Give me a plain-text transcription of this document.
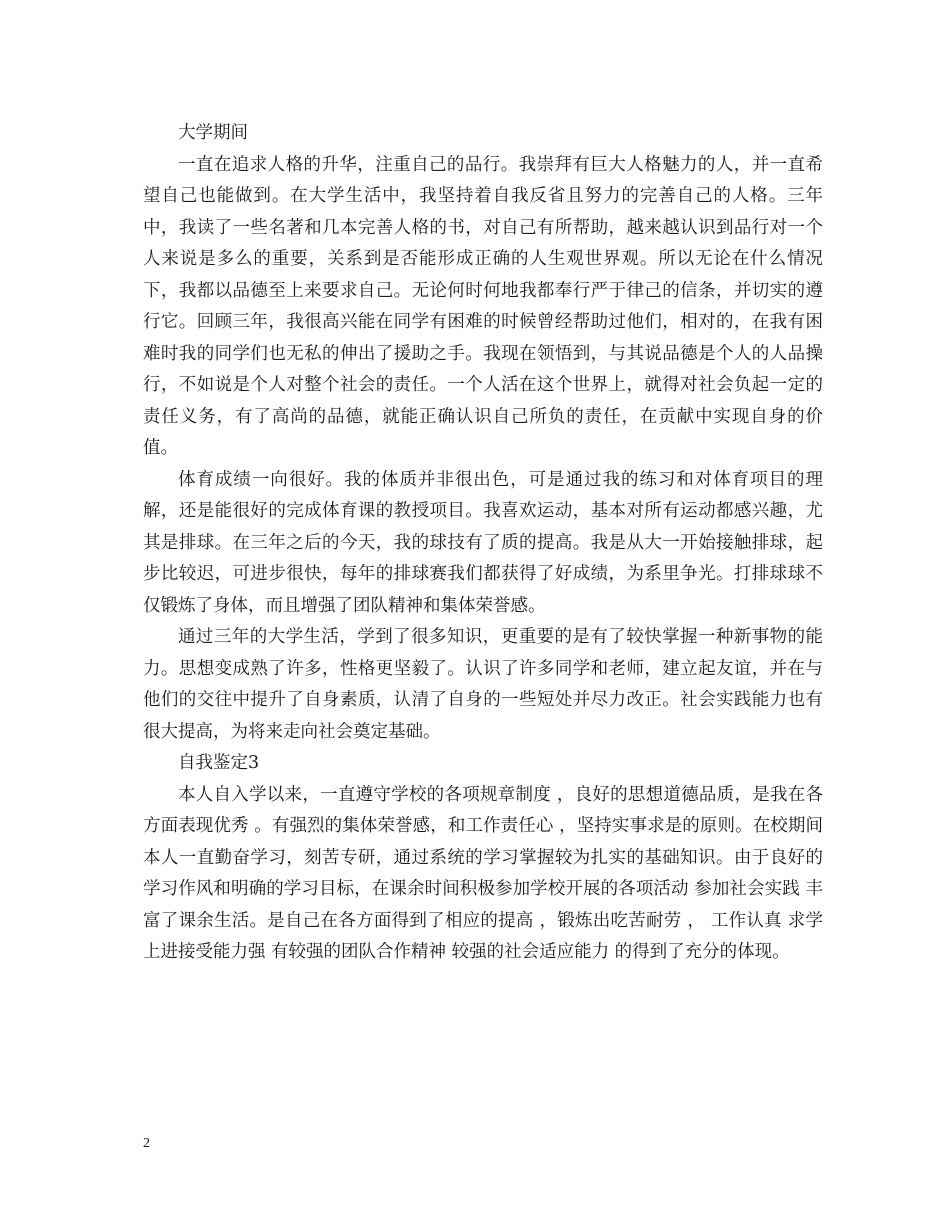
大学期间

一直在追求人格的升华，注重自己的品行。我崇拜有巨大人格魅力的人，并一直希望自己也能做到。在大学生活中，我坚持着自我反省且努力的完善自己的人格。三年中，我读了一些名著和几本完善人格的书，对自己有所帮助，越来越认识到品行对一个人来说是多么的重要，关系到是否能形成正确的人生观世界观。所以无论在什么情况下，我都以品德至上来要求自己。无论何时何地我都奉行严于律己的信条，并切实的遵行它。回顾三年，我很高兴能在同学有困难的时候曾经帮助过他们，相对的，在我有困难时我的同学们也无私的伸出了援助之手。我现在领悟到，与其说品德是个人的人品操行，不如说是个人对整个社会的责任。一个人活在这个世界上，就得对社会负起一定的责任义务，有了高尚的品德，就能正确认识自己所负的责任，在贡献中实现自身的价值。

体育成绩一向很好。我的体质并非很出色，可是通过我的练习和对体育项目的理解，还是能很好的完成体育课的教授项目。我喜欢运动，基本对所有运动都感兴趣，尤其是排球。在三年之后的今天，我的球技有了质的提高。我是从大一开始接触排球，起步比较迟，可进步很快，每年的排球赛我们都获得了好成绩，为系里争光。打排球球不仅锻炼了身体，而且增强了团队精神和集体荣誉感。

通过三年的大学生活，学到了很多知识，更重要的是有了较快掌握一种新事物的能力。思想变成熟了许多，性格更坚毅了。认识了许多同学和老师，建立起友谊，并在与他们的交往中提升了自身素质，认清了自身的一些短处并尽力改正。社会实践能力也有很大提高，为将来走向社会奠定基础。

自我鉴定3

本人自入学以来，一直遵守学校的各项规章制度 ，良好的思想道德品质，是我在各方面表现优秀 。有强烈的集体荣誉感，和工作责任心 ，坚持实事求是的原则。在校期间本人一直勤奋学习，刻苦专研，通过系统的学习掌握较为扎实的基础知识。由于良好的学习作风和明确的学习目标，在课余时间积极参加学校开展的各项活动 参加社会实践 丰富了课余生活。是自己在各方面得到了相应的提高 ，锻炼出吃苦耐劳 ， 工作认真 求学上进接受能力强 有较强的团队合作精神 较强的社会适应能力 的得到了充分的体现。

2
